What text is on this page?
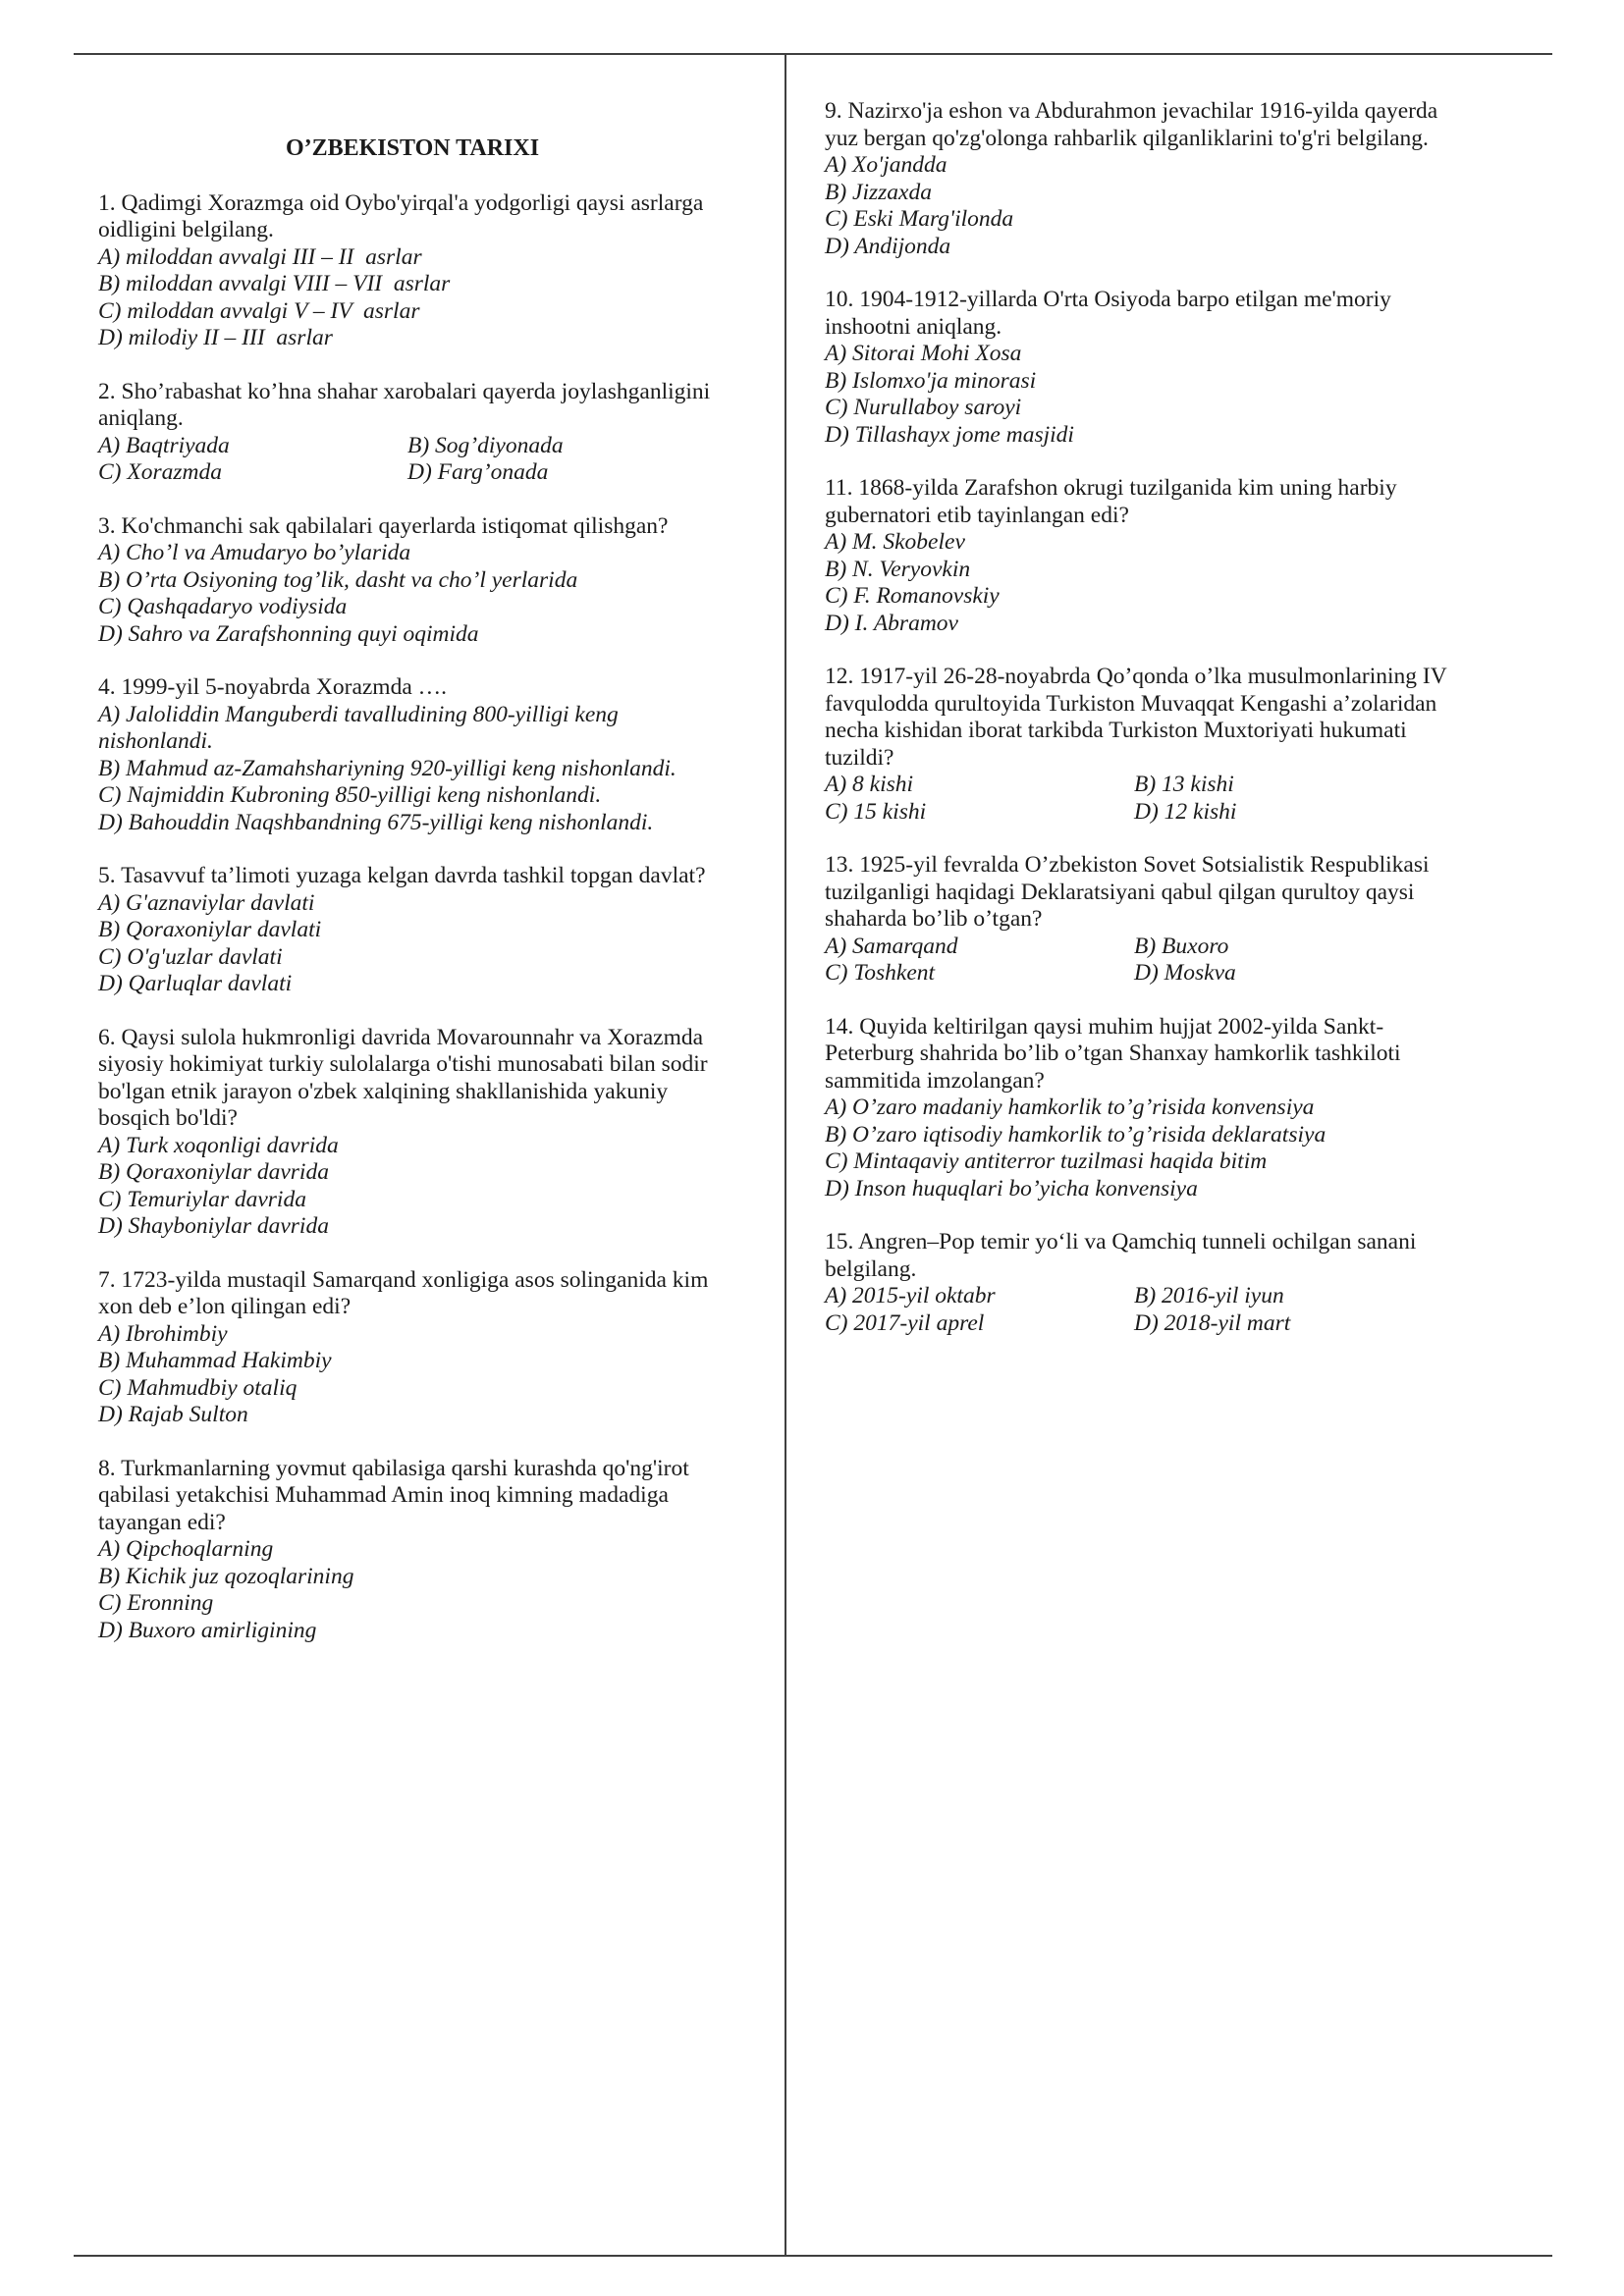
O’ZBEKISTON TARIXI
1. Qadimgi Xorazmga oid Oybo'yirqal'a yodgorligi qaysi asrlarga oidligini belgilang.
A) miloddan avvalgi III – II  asrlar
B) miloddan avvalgi VIII – VII  asrlar
C) miloddan avvalgi V – IV  asrlar
D) milodiy II – III  asrlar
2. Sho’rabashat ko’hna shahar xarobalari qayerda joylashganligini aniqlang.
A) Baqtriyada	B) Sog’diyonada
C) Xorazmda	D) Farg’onada
3. Ko'chmanchi sak qabilalari qayerlarda istiqomat qilishgan?
A) Cho’l va Amudaryo bo’ylarida
B) O’rta Osiyoning tog’lik, dasht va cho’l yerlarida
C) Qashqadaryo vodiysida
D) Sahro va Zarafshonning quyi oqimida
4. 1999-yil 5-noyabrda Xorazmda ….
A) Jaloliddin Manguberdi tavalludining 800-yilligi keng nishonlandi.
B) Mahmud az-Zamahshariyning 920-yilligi keng nishonlandi.
C) Najmiddin Kubroning 850-yilligi keng nishonlandi.
D) Bahouddin Naqshbandning 675-yilligi keng nishonlandi.
5. Tasavvuf ta’limoti yuzaga kelgan davrda tashkil topgan davlat?
A) G'aznaviylar davlati
B) Qoraxoniylar davlati
C) O'g'uzlar davlati
D) Qarluqlar davlati
6. Qaysi sulola hukmronligi davrida Movarounnahr va Xorazmda siyosiy hokimiyat turkiy sulolalarga o'tishi munosabati bilan sodir bo'lgan etnik jarayon o'zbek xalqining shakllanishida yakuniy bosqich bo'ldi?
A) Turk xoqonligi davrida
B) Qoraxoniylar davrida
C) Temuriylar davrida
D) Shayboniylar davrida
7. 1723-yilda mustaqil Samarqand xonligiga asos solinganida kim xon deb e’lon qilingan edi?
A) Ibrohimbiy
B) Muhammad Hakimbiy
C) Mahmudbiy otaliq
D) Rajab Sulton
8. Turkmanlarning yovmut qabilasiga qarshi kurashda qo'ng'irot qabilasi yetakchisi Muhammad Amin inoq kimning madadiga tayangan edi?
A) Qipchoqlarning
B) Kichik juz qozoqlarining
C) Eronning
D) Buxoro amirligining
9. Nazirxo'ja eshon va Abdurahmon jevachilar 1916-yilda qayerda yuz bergan qo'zg'olonga rahbarlik qilganliklarini to'g'ri belgilang.
A) Xo'jandda
B) Jizzaxda
C) Eski Marg'ilonda
D) Andijonda
10. 1904-1912-yillarda O'rta Osiyoda barpo etilgan me'moriy inshootni aniqlang.
A) Sitorai Mohi Xosa
B) Islomxo'ja minorasi
C) Nurullaboy saroyi
D) Tillashayx jome masjidi
11. 1868-yilda Zarafshon okrugi tuzilganida kim uning harbiy gubernatori etib tayinlangan edi?
A) M. Skobelev
B) N. Veryovkin
C) F. Romanovskiy
D) I. Abramov
12. 1917-yil 26-28-noyabrda Qo’qonda o’lka musulmonlarining IV favqulodda qurultoyida Turkiston Muvaqqat Kengashi a’zolaridan necha kishidan iborat tarkibda Turkiston Muxtoriyati hukumati tuzildi?
A) 8 kishi	B) 13 kishi
C) 15 kishi	D) 12 kishi
13. 1925-yil fevralda O’zbekiston Sovet Sotsialistik Respublikasi tuzilganligi haqidagi Deklaratsiyani qabul qilgan qurultoy qaysi shaharda bo’lib o’tgan?
A) Samarqand	B) Buxoro
C) Toshkent	D) Moskva
14. Quyida keltirilgan qaysi muhim hujjat 2002-yilda Sankt-Peterburg shahrida bo’lib o’tgan Shanxay hamkorlik tashkiloti sammitida imzolangan?
A) O’zaro madaniy hamkorlik to’g’risida konvensiya
B) O’zaro iqtisodiy hamkorlik to’g’risida deklaratsiya
C) Mintaqaviy antiterror tuzilmasi haqida bitim
D) Inson huquqlari bo’yicha konvensiya
15. Angren–Pop temir yo‘li va Qamchiq tunneli ochilgan sanani belgilang.
A) 2015-yil oktabr	B) 2016-yil iyun
C) 2017-yil aprel	D) 2018-yil mart
